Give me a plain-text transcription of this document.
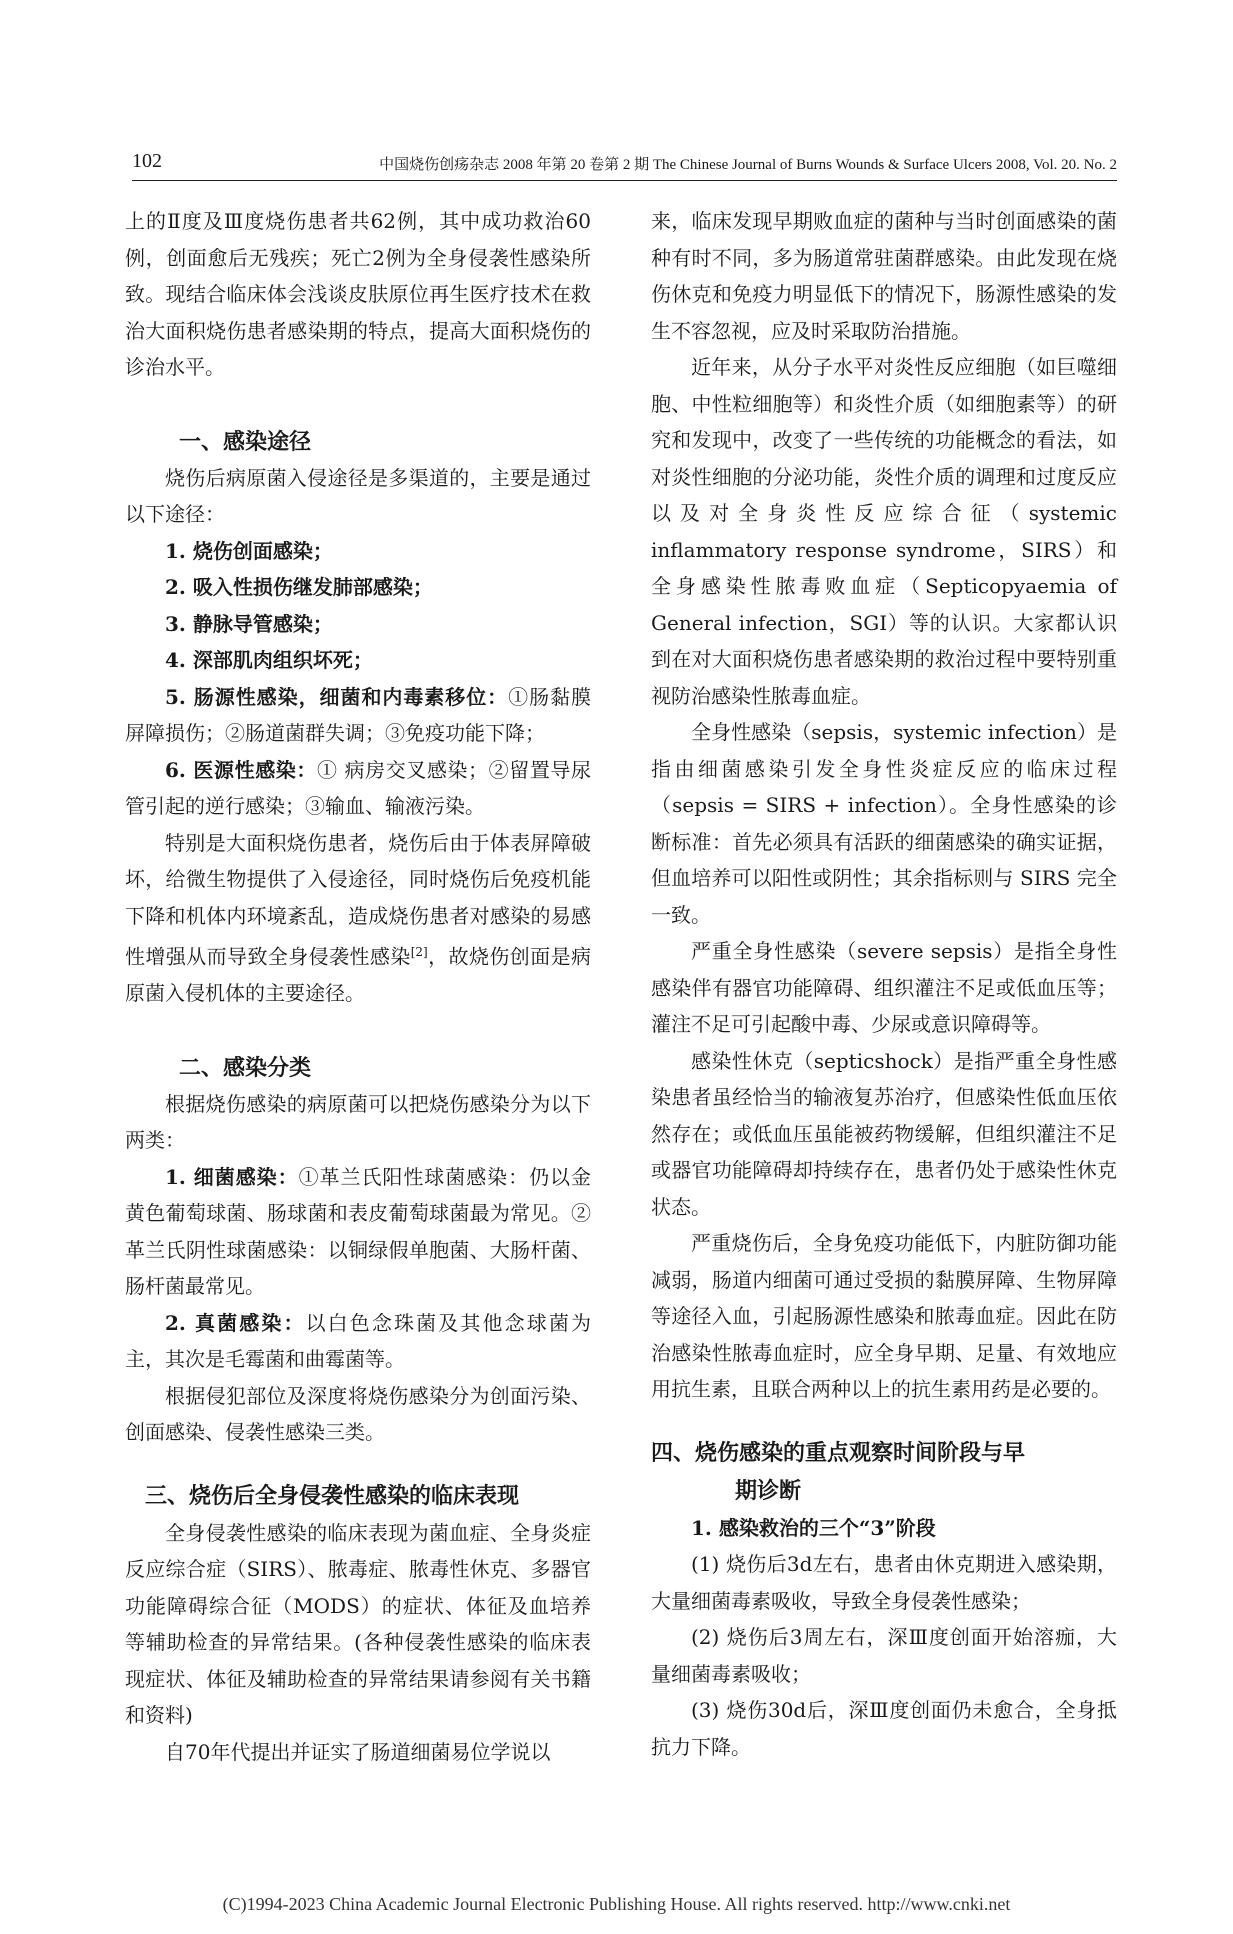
102	中国烧伤创疡杂志 2008 年第 20 卷第 2 期 The Chinese Journal of Burns Wounds & Surface Ulcers 2008, Vol. 20. No. 2

上的Ⅱ度及Ⅲ度烧伤患者共62例，其中成功救治60例，创面愈后无残疾；死亡2例为全身侵袭性感染所致。现结合临床体会浅谈皮肤原位再生医疗技术在救治大面积烧伤患者感染期的特点，提高大面积烧伤的诊治水平。

一、感染途径

烧伤后病原菌入侵途径是多渠道的，主要是通过以下途径：

1. 烧伤创面感染；

2. 吸入性损伤继发肺部感染；

3. 静脉导管感染；

4. 深部肌肉组织坏死；

5. 肠源性感染，细菌和内毒素移位：①肠黏膜屏障损伤；②肠道菌群失调；③免疫功能下降；

6. 医源性感染：① 病房交叉感染；②留置导尿管引起的逆行感染；③输血、输液污染。

特别是大面积烧伤患者，烧伤后由于体表屏障破坏，给微生物提供了入侵途径，同时烧伤后免疫机能下降和机体内环境紊乱，造成烧伤患者对感染的易感性增强从而导致全身侵袭性感染[2]，故烧伤创面是病原菌入侵机体的主要途径。

二、感染分类

根据烧伤感染的病原菌可以把烧伤感染分为以下两类：

1. 细菌感染：①革兰氏阳性球菌感染：仍以金黄色葡萄球菌、肠球菌和表皮葡萄球菌最为常见。②革兰氏阴性球菌感染：以铜绿假单胞菌、大肠杆菌、肠杆菌最常见。

2. 真菌感染：以白色念珠菌及其他念球菌为主，其次是毛霉菌和曲霉菌等。

根据侵犯部位及深度将烧伤感染分为创面污染、创面感染、侵袭性感染三类。

三、烧伤后全身侵袭性感染的临床表现

全身侵袭性感染的临床表现为菌血症、全身炎症反应综合症（SIRS）、脓毒症、脓毒性休克、多器官功能障碍综合征（MODS）的症状、体征及血培养等辅助检查的异常结果。(各种侵袭性感染的临床表现症状、体征及辅助检查的异常结果请参阅有关书籍和资料)

自70年代提出并证实了肠道细菌易位学说以

来，临床发现早期败血症的菌种与当时创面感染的菌种有时不同，多为肠道常驻菌群感染。由此发现在烧伤休克和免疫力明显低下的情况下，肠源性感染的发生不容忽视，应及时采取防治措施。

近年来，从分子水平对炎性反应细胞（如巨噬细胞、中性粒细胞等）和炎性介质（如细胞素等）的研究和发现中，改变了一些传统的功能概念的看法，如对炎性细胞的分泌功能，炎性介质的调理和过度反应以及对全身炎性反应综合征（systemic inflammatory response syndrome，SIRS）和全身感染性脓毒败血症（Septicopyaemia of General infection，SGI）等的认识。大家都认识到在对大面积烧伤患者感染期的救治过程中要特别重视防治感染性脓毒血症。

全身性感染（sepsis，systemic infection）是指由细菌感染引发全身性炎症反应的临床过程（sepsis = SIRS + infection）。全身性感染的诊断标准：首先必须具有活跃的细菌感染的确实证据，但血培养可以阳性或阴性；其余指标则与 SIRS 完全一致。

严重全身性感染（severe sepsis）是指全身性感染伴有器官功能障碍、组织灌注不足或低血压等；灌注不足可引起酸中毒、少尿或意识障碍等。

感染性休克（septicshock）是指严重全身性感染患者虽经恰当的输液复苏治疗，但感染性低血压依然存在；或低血压虽能被药物缓解，但组织灌注不足或器官功能障碍却持续存在，患者仍处于感染性休克状态。

严重烧伤后，全身免疫功能低下，内脏防御功能减弱，肠道内细菌可通过受损的黏膜屏障、生物屏障等途径入血，引起肠源性感染和脓毒血症。因此在防治感染性脓毒血症时，应全身早期、足量、有效地应用抗生素，且联合两种以上的抗生素用药是必要的。

四、烧伤感染的重点观察时间阶段与早
期诊断

1. 感染救治的三个“3”阶段

(1) 烧伤后3d左右，患者由休克期进入感染期，大量细菌毒素吸收，导致全身侵袭性感染；

(2) 烧伤后3周左右，深Ⅲ度创面开始溶痂，大量细菌毒素吸收；

(3) 烧伤30d后，深Ⅲ度创面仍未愈合，全身抵抗力下降。

(C)1994-2023 China Academic Journal Electronic Publishing House. All rights reserved. http://www.cnki.net
